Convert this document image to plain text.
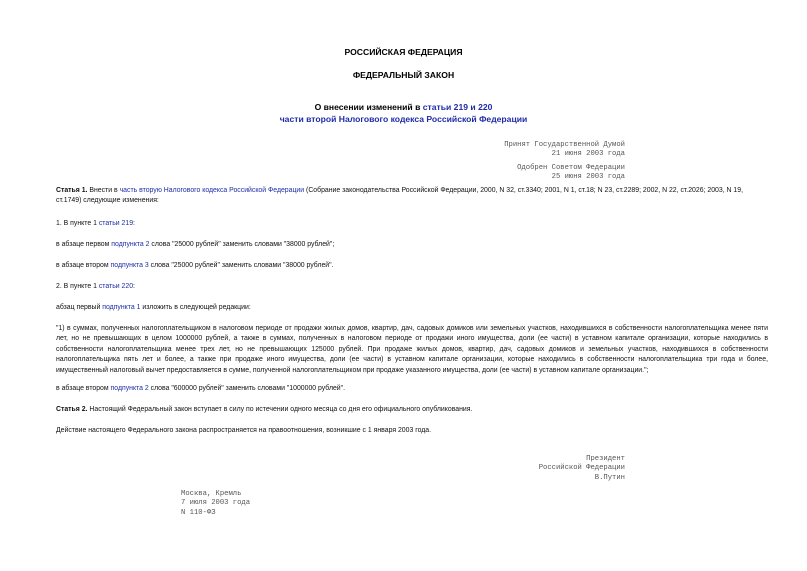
РОССИЙСКАЯ ФЕДЕРАЦИЯ
ФЕДЕРАЛЬНЫЙ ЗАКОН
О внесении изменений в статьи 219 и 220
части второй Налогового кодекса Российской Федерации
Принят Государственной Думой
21 июня 2003 года
Одобрен Советом Федерации
25 июня 2003 года
Статья 1. Внести в часть вторую Налогового кодекса Российской Федерации (Собрание законодательства Российской Федерации, 2000, N 32, ст.3340; 2001, N 1, ст.18; N 23, ст.2289; 2002, N 22, ст.2026; 2003, N 19, ст.1749) следующие изменения:
1. В пункте 1 статьи 219:
в абзаце первом подпункта 2 слова "25000 рублей" заменить словами "38000 рублей";
в абзаце втором подпункта 3 слова "25000 рублей" заменить словами "38000 рублей".
2. В пункте 1 статьи 220:
абзац первый подпункта 1 изложить в следующей редакции:
"1) в суммах, полученных налогоплательщиком в налоговом периоде от продажи жилых домов, квартир, дач, садовых домиков или земельных участков, находившихся в собственности налогоплательщика менее пяти лет, но не превышающих в целом 1000000 рублей, а также в суммах, полученных в налоговом периоде от продажи иного имущества, доли (ее части) в уставном капитале организации, которые находились в собственности налогоплательщика менее трех лет, но не превышающих 125000 рублей. При продаже жилых домов, квартир, дач, садовых домиков и земельных участков, находившихся в собственности налогоплательщика пять лет и более, а также при продаже иного имущества, доли (ее части) в уставном капитале организации, которые находились в собственности налогоплательщика три года и более, имущественный налоговый вычет предоставляется в сумме, полученной налогоплательщиком при продаже указанного имущества, доли (ее части) в уставном капитале организации.";
в абзаце втором подпункта 2 слова "600000 рублей" заменить словами "1000000 рублей".
Статья 2. Настоящий Федеральный закон вступает в силу по истечении одного месяца со дня его официального опубликования.
Действие настоящего Федерального закона распространяется на правоотношения, возникшие с 1 января 2003 года.
Президент
Российской Федерации
В.Путин
Москва, Кремль
7 июля 2003 года
N 110-ФЗ
